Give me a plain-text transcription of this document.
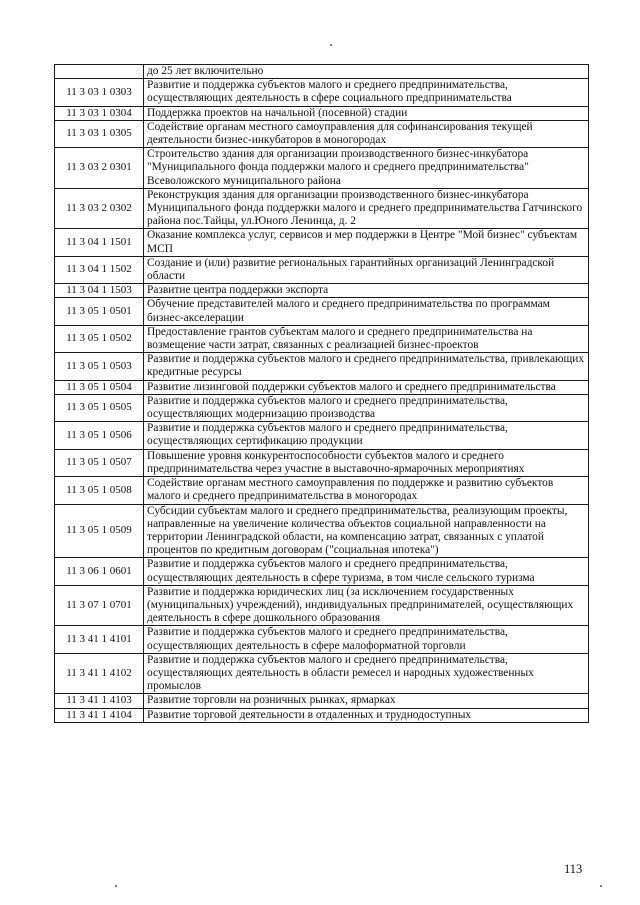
	до 25 лет включительно
11 3 03 1 0303	Развитие и поддержка субъектов малого и среднего предпринимательства, осуществляющих деятельность в сфере социального предпринимательства
11 3 03 1 0304	Поддержка проектов на начальной (посевной) стадии
11 3 03 1 0305	Содействие органам местного самоуправления для софинансирования текущей деятельности бизнес-инкубаторов в моногородах
11 3 03 2 0301	Строительство здания для организации производственного бизнес-инкубатора "Муниципального фонда поддержки малого и среднего предпринимательства" Всеволожского муниципального района
11 3 03 2 0302	Реконструкция здания для организации производственного бизнес-инкубатора Муниципального фонда поддержки малого и среднего предпринимательства Гатчинского района пос.Тайцы, ул.Юного Ленинца, д. 2
11 3 04 1 1501	Оказание комплекса услуг, сервисов и мер поддержки в Центре "Мой бизнес" субъектам МСП
11 3 04 1 1502	Создание и (или) развитие региональных гарантийных организаций Ленинградской области
11 3 04 1 1503	Развитие центра поддержки экспорта
11 3 05 1 0501	Обучение представителей малого и среднего предпринимательства по программам бизнес-акселерации
11 3 05 1 0502	Предоставление грантов субъектам малого и среднего предпринимательства на возмещение части затрат, связанных с реализацией бизнес-проектов
11 3 05 1 0503	Развитие и поддержка субъектов малого и среднего предпринимательства, привлекающих кредитные ресурсы
11 3 05 1 0504	Развитие лизинговой поддержки субъектов малого и среднего предпринимательства
11 3 05 1 0505	Развитие и поддержка субъектов малого и среднего предпринимательства, осуществляющих модернизацию производства
11 3 05 1 0506	Развитие и поддержка субъектов малого и среднего предпринимательства, осуществляющих сертификацию продукции
11 3 05 1 0507	Повышение уровня конкурентоспособности субъектов малого и среднего предпринимательства через участие в выставочно-ярмарочных мероприятиях
11 3 05 1 0508	Содействие органам местного самоуправления по поддержке и развитию субъектов малого и среднего предпринимательства в моногородах
11 3 05 1 0509	Субсидии субъектам малого и среднего предпринимательства, реализующим проекты, направленные на увеличение количества объектов социальной направленности на территории Ленинградской области, на компенсацию затрат, связанных с уплатой процентов по кредитным договорам ("социальная ипотека")
11 3 06 1 0601	Развитие и поддержка субъектов малого и среднего предпринимательства, осуществляющих деятельность в сфере туризма, в том числе сельского туризма
11 3 07 1 0701	Развитие и поддержка юридических лиц (за исключением государственных (муниципальных) учреждений), индивидуальных предпринимателей, осуществляющих деятельность в сфере дошкольного образования
11 3 41 1 4101	Развитие и поддержка субъектов малого и среднего предпринимательства, осуществляющих деятельность в сфере малоформатной торговли
11 3 41 1 4102	Развитие и поддержка субъектов малого и среднего предпринимательства, осуществляющих деятельность в области ремесел и народных художественных промыслов
11 3 41 1 4103	Развитие торговли на розничных рынках, ярмарках
11 3 41 1 4104	Развитие торговой деятельности в отдаленных и труднодоступных
113
